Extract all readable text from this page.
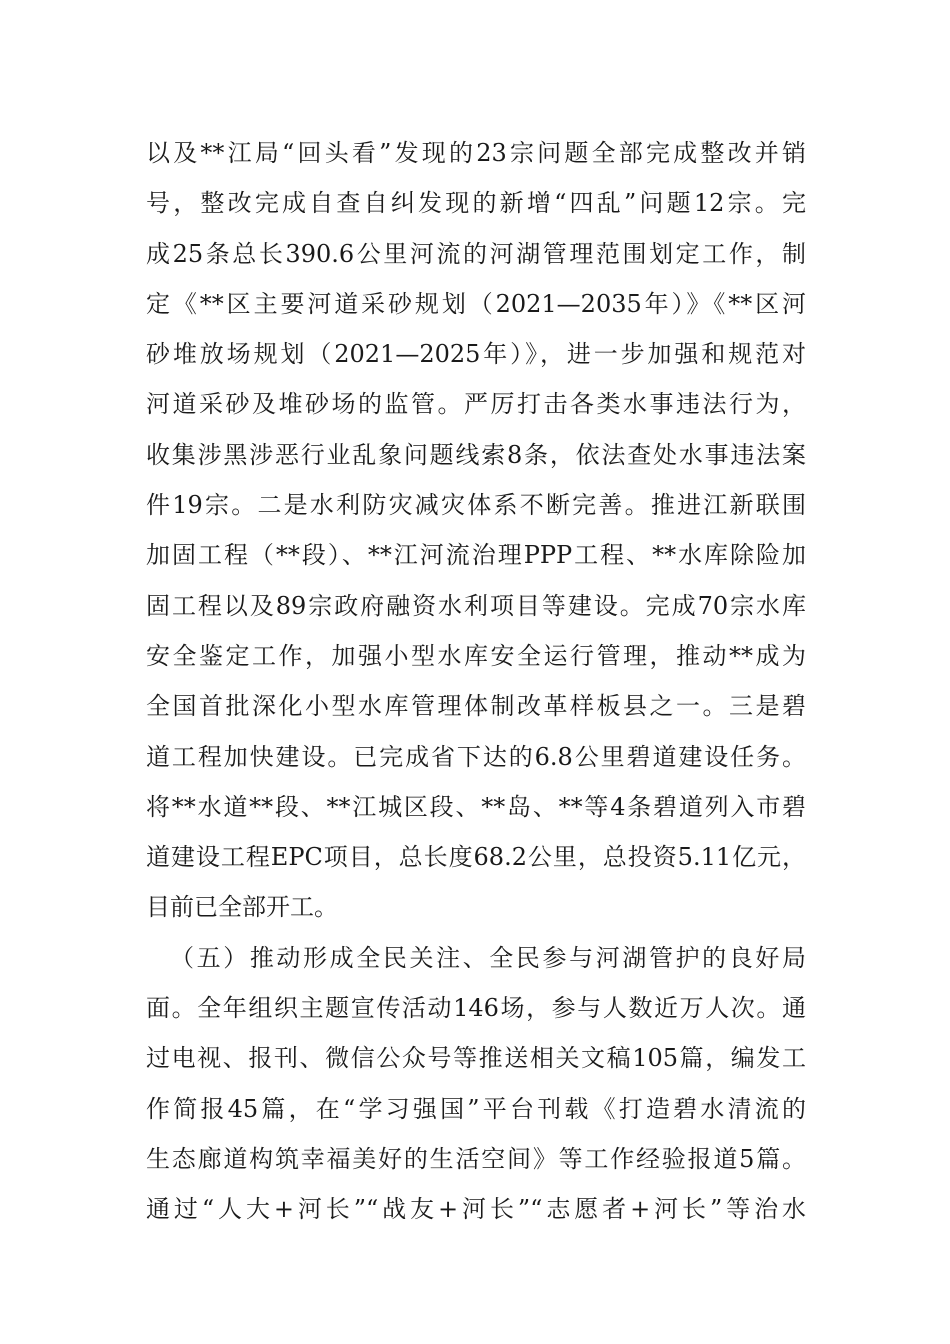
以及**江局“回头看”发现的23宗问题全部完成整改并销
号，整改完成自查自纠发现的新增“四乱”问题12宗。完
成25条总长390.6公里河流的河湖管理范围划定工作，制
定《**区主要河道采砂规划（2021—2035年）》《**区河
砂堆放场规划（2021—2025年）》，进一步加强和规范对
河道采砂及堆砂场的监管。严厉打击各类水事违法行为，
收集涉黑涉恶行业乱象问题线索8条，依法查处水事违法案
件19宗。二是水利防灾减灾体系不断完善。推进江新联围
加固工程（**段）、**江河流治理PPP工程、**水库除险加
固工程以及89宗政府融资水利项目等建设。完成70宗水库
安全鉴定工作，加强小型水库安全运行管理，推动**成为
全国首批深化小型水库管理体制改革样板县之一。三是碧
道工程加快建设。已完成省下达的6.8公里碧道建设任务。
将**水道**段、**江城区段、**岛、**等4条碧道列入市碧
道建设工程EPC项目，总长度68.2公里，总投资5.11亿元，
目前已全部开工。
（五）推动形成全民关注、全民参与河湖管护的良好局
面。全年组织主题宣传活动146场，参与人数近万人次。通
过电视、报刊、微信公众号等推送相关文稿105篇，编发工
作简报45篇，在“学习强国”平台刊载《打造碧水清流的
生态廊道构筑幸福美好的生活空间》等工作经验报道5篇。
通过“人大+河长”“战友+河长”“志愿者+河长”等治水
